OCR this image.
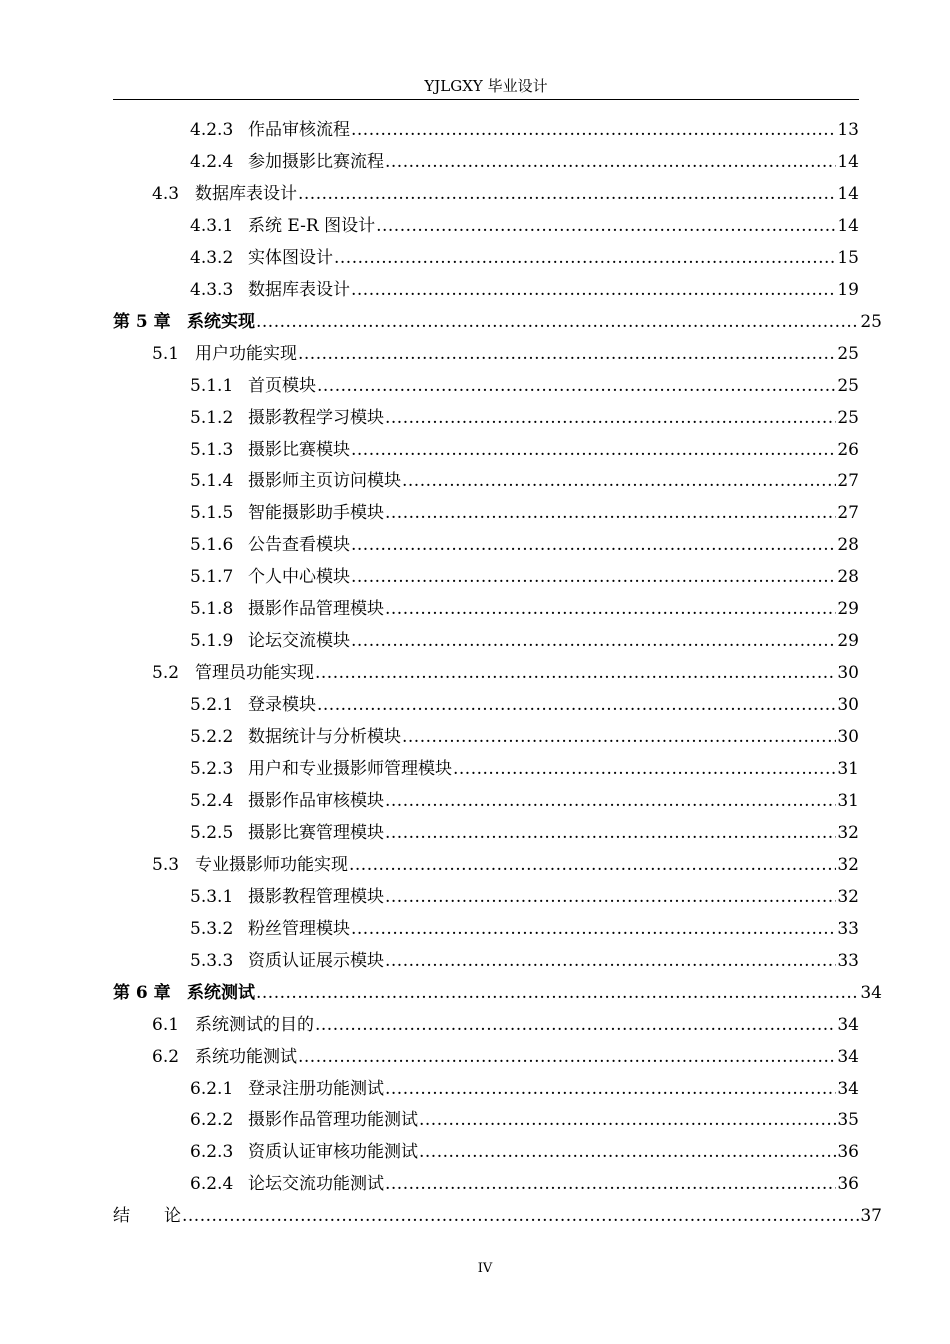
YJLGXY 毕业设计
4.2.3 作品审核流程 .....	13
4.2.4 参加摄影比赛流程 .....	14
4.3 数据库表设计 .....	14
4.3.1 系统 E-R 图设计 .....	14
4.3.2 实体图设计 .....	15
4.3.3 数据库表设计 .....	19
第 5 章 系统实现 .....	25
5.1 用户功能实现 .....	25
5.1.1 首页模块 .....	25
5.1.2 摄影教程学习模块 .....	25
5.1.3 摄影比赛模块 .....	26
5.1.4 摄影师主页访问模块 .....	27
5.1.5 智能摄影助手模块 .....	27
5.1.6 公告查看模块 .....	28
5.1.7 个人中心模块 .....	28
5.1.8 摄影作品管理模块 .....	29
5.1.9 论坛交流模块 .....	29
5.2 管理员功能实现 .....	30
5.2.1 登录模块 .....	30
5.2.2 数据统计与分析模块 .....	30
5.2.3 用户和专业摄影师管理模块 .....	31
5.2.4 摄影作品审核模块 .....	31
5.2.5 摄影比赛管理模块 .....	32
5.3 专业摄影师功能实现 .....	32
5.3.1 摄影教程管理模块 .....	32
5.3.2 粉丝管理模块 .....	33
5.3.3 资质认证展示模块 .....	33
第 6 章 系统测试 .....	34
6.1 系统测试的目的 .....	34
6.2 系统功能测试 .....	34
6.2.1 登录注册功能测试 .....	34
6.2.2 摄影作品管理功能测试 .....	35
6.2.3 资质认证审核功能测试 .....	36
6.2.4 论坛交流功能测试 .....	36
结论 .....	37
IV
